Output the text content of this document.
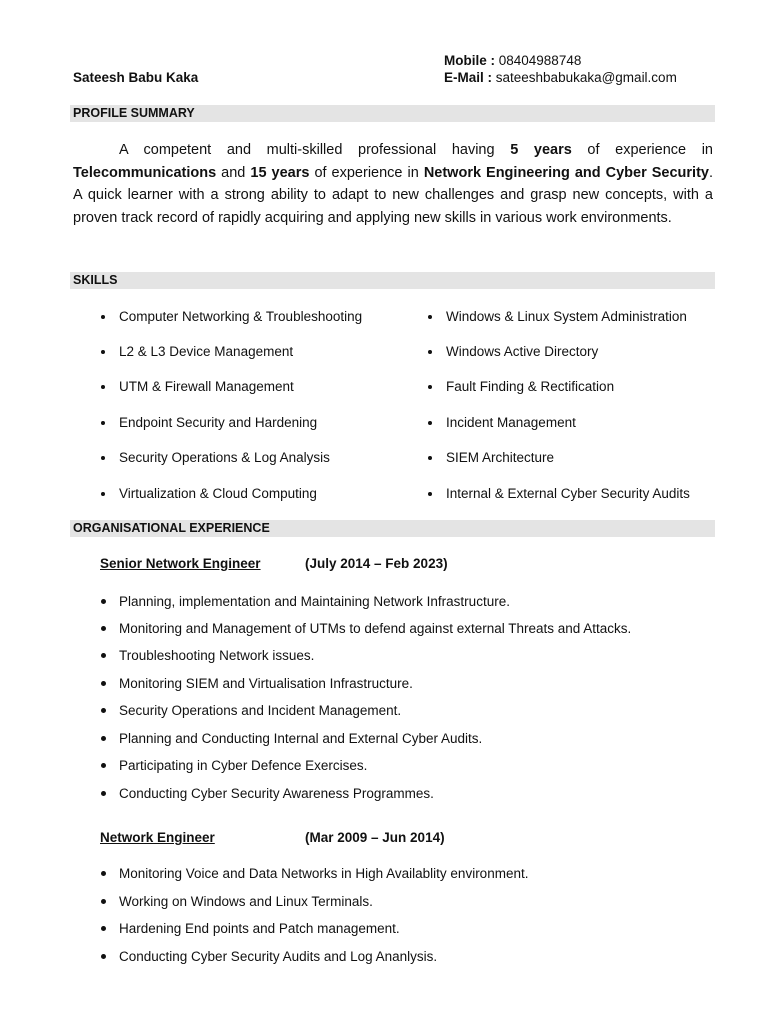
Sateesh Babu Kaka
Mobile : 08404988748
E-Mail : sateeshbabukaka@gmail.com
PROFILE SUMMARY
A competent and multi-skilled professional having 5 years of experience in Telecommunications and 15 years of experience in Network Engineering and Cyber Security. A quick learner with a strong ability to adapt to new challenges and grasp new concepts, with a proven track record of rapidly acquiring and applying new skills in various work environments.
SKILLS
Computer Networking & Troubleshooting
L2 & L3 Device Management
UTM & Firewall Management
Endpoint Security and Hardening
Security Operations & Log Analysis
Virtualization & Cloud Computing
Windows & Linux System Administration
Windows Active Directory
Fault Finding & Rectification
Incident Management
SIEM Architecture
Internal & External Cyber Security Audits
ORGANISATIONAL EXPERIENCE
Senior Network Engineer	(July 2014 – Feb 2023)
Planning, implementation and Maintaining Network Infrastructure.
Monitoring and Management of UTMs to defend against external Threats and Attacks.
Troubleshooting Network issues.
Monitoring SIEM and Virtualisation Infrastructure.
Security Operations and Incident Management.
Planning and Conducting Internal and External Cyber Audits.
Participating in Cyber Defence Exercises.
Conducting Cyber Security Awareness Programmes.
Network Engineer	(Mar 2009 – Jun 2014)
Monitoring Voice and Data Networks in High Availablity environment.
Working on Windows and Linux Terminals.
Hardening End points and Patch management.
Conducting Cyber Security Audits and Log Ananlysis.
